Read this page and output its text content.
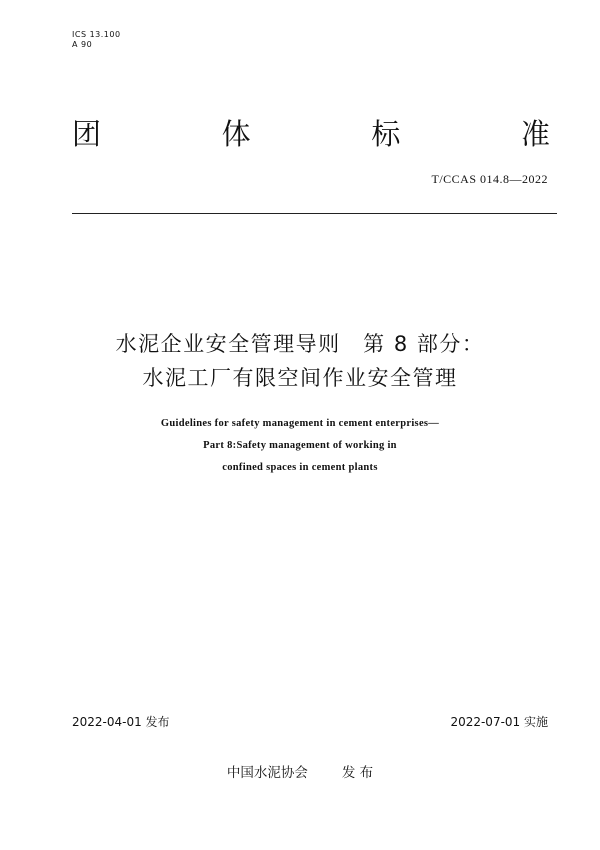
ICS 13.100
A 90
团	体	标	准
T/CCAS 014.8—2022
水泥企业安全管理导则　第 8 部分：
水泥工厂有限空间作业安全管理
Guidelines for safety management in cement enterprises—
Part 8:Safety management of working in
confined spaces in cement plants
2022-04-01 发布	2022-07-01 实施
中国水泥协会	发 布
